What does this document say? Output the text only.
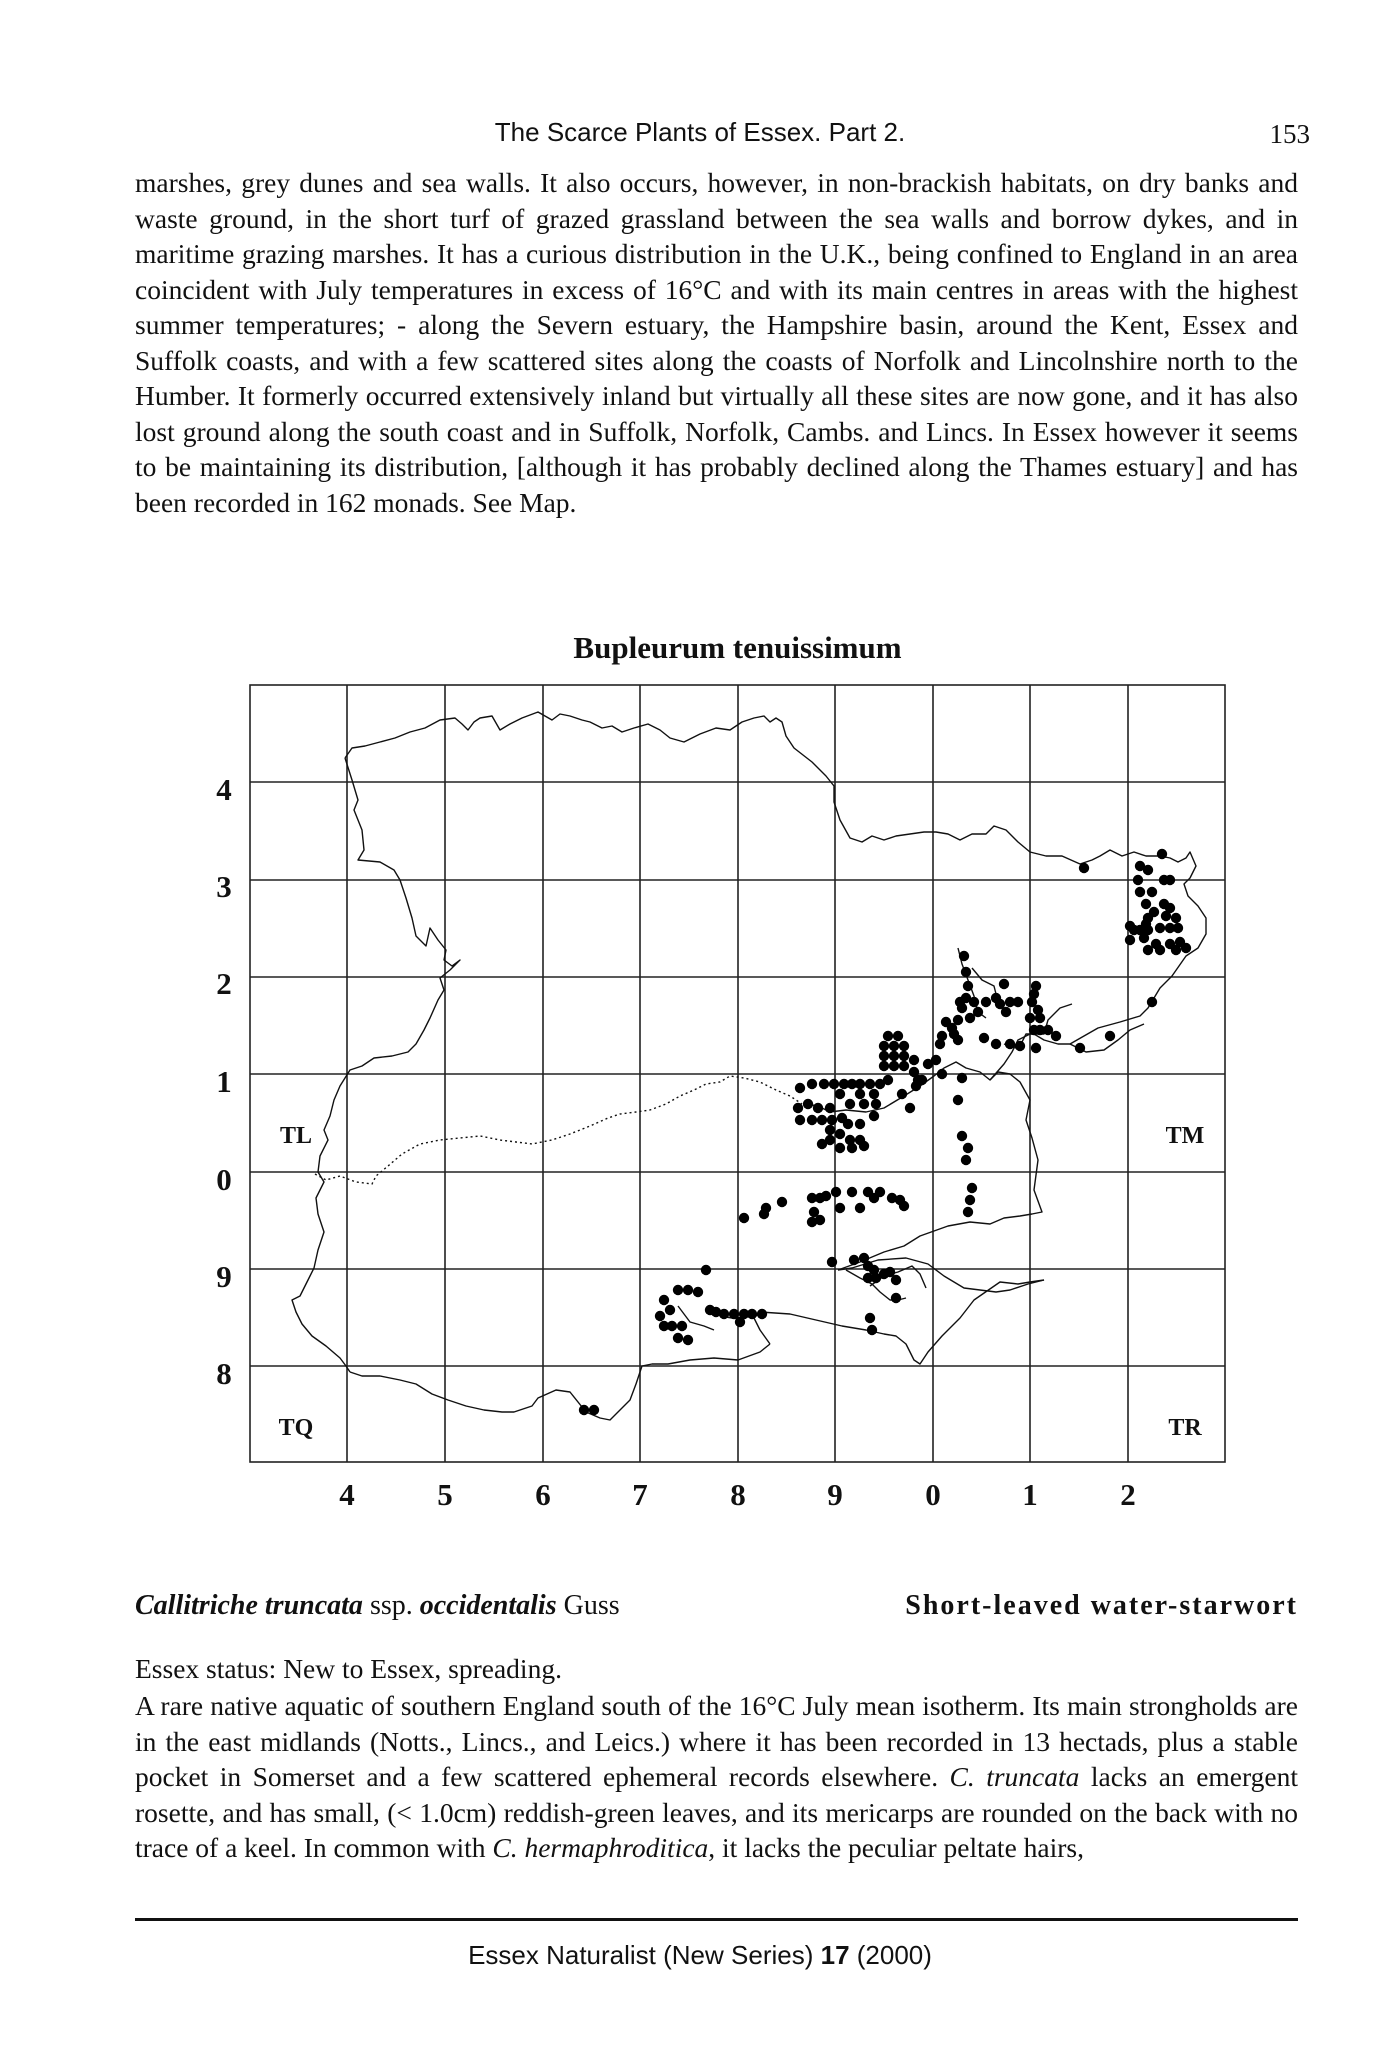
The Scarce Plants of Essex. Part 2.	153
marshes, grey dunes and sea walls. It also occurs, however, in non-brackish habitats, on dry banks and waste ground, in the short turf of grazed grassland between the sea walls and borrow dykes, and in maritime grazing marshes. It has a curious distribution in the U.K., being confined to England in an area coincident with July temperatures in excess of 16°C and with its main centres in areas with the highest summer temperatures; - along the Severn estuary, the Hampshire basin, around the Kent, Essex and Suffolk coasts, and with a few scattered sites along the coasts of Norfolk and Lincolnshire north to the Humber. It formerly occurred extensively inland but virtually all these sites are now gone, and it has also lost ground along the south coast and in Suffolk, Norfolk, Cambs. and Lincs. In Essex however it seems to be maintaining its distribution, [although it has probably declined along the Thames estuary] and has been recorded in 162 monads. See Map.
Bupleurum tenuissimum
4
3
2
1
0
9
8
4	5	6	7	8	9	0	1	2
TL	TM
TQ	TR
Callitriche truncata ssp. occidentalis Guss	Short-leaved water-starwort
Essex status: New to Essex, spreading.
A rare native aquatic of southern England south of the 16°C July mean isotherm. Its main strongholds are in the east midlands (Notts., Lincs., and Leics.) where it has been recorded in 13 hectads, plus a stable pocket in Somerset and a few scattered ephemeral records elsewhere. C. truncata lacks an emergent rosette, and has small, (< 1.0cm) reddish-green leaves, and its mericarps are rounded on the back with no trace of a keel. In common with C. hermaphroditica, it lacks the peculiar peltate hairs,
Essex Naturalist (New Series) 17 (2000)
